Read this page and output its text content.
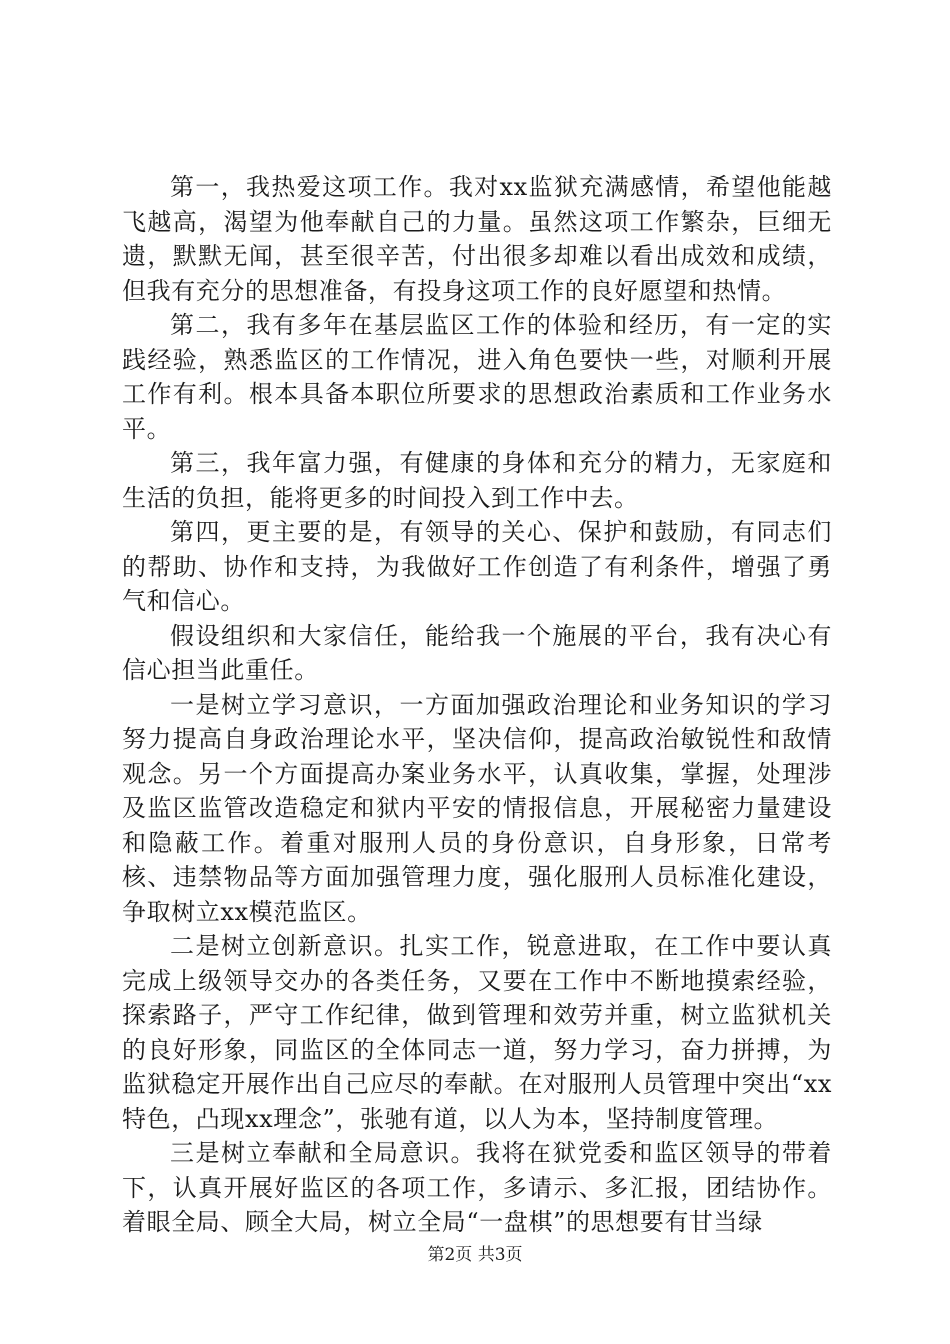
第一，我热爱这项工作。我对xx监狱充满感情，希望他能越飞越高，渴望为他奉献自己的力量。虽然这项工作繁杂，巨细无遗，默默无闻，甚至很辛苦，付出很多却难以看出成效和成绩，但我有充分的思想准备，有投身这项工作的良好愿望和热情。

第二，我有多年在基层监区工作的体验和经历，有一定的实践经验，熟悉监区的工作情况，进入角色要快一些，对顺利开展工作有利。根本具备本职位所要求的思想政治素质和工作业务水平。

第三，我年富力强，有健康的身体和充分的精力，无家庭和生活的负担，能将更多的时间投入到工作中去。

第四，更主要的是，有领导的关心、保护和鼓励，有同志们的帮助、协作和支持，为我做好工作创造了有利条件，增强了勇气和信心。

假设组织和大家信任，能给我一个施展的平台，我有决心有信心担当此重任。

一是树立学习意识，一方面加强政治理论和业务知识的学习努力提高自身政治理论水平，坚决信仰，提高政治敏锐性和敌情观念。另一个方面提高办案业务水平，认真收集，掌握，处理涉及监区监管改造稳定和狱内平安的情报信息，开展秘密力量建设和隐蔽工作。着重对服刑人员的身份意识，自身形象，日常考核、违禁物品等方面加强管理力度，强化服刑人员标准化建设，争取树立xx模范监区。

二是树立创新意识。扎实工作，锐意进取，在工作中要认真完成上级领导交办的各类任务，又要在工作中不断地摸索经验，探索路子，严守工作纪律，做到管理和效劳并重，树立监狱机关的良好形象，同监区的全体同志一道，努力学习，奋力拼搏，为监狱稳定开展作出自己应尽的奉献。在对服刑人员管理中突出“xx特色，凸现xx理念”，张驰有道，以人为本，坚持制度管理。

三是树立奉献和全局意识。我将在狱党委和监区领导的带着下，认真开展好监区的各项工作，多请示、多汇报，团结协作。着眼全局、顾全大局，树立全局“一盘棋”的思想要有甘当绿

第2页 共3页
